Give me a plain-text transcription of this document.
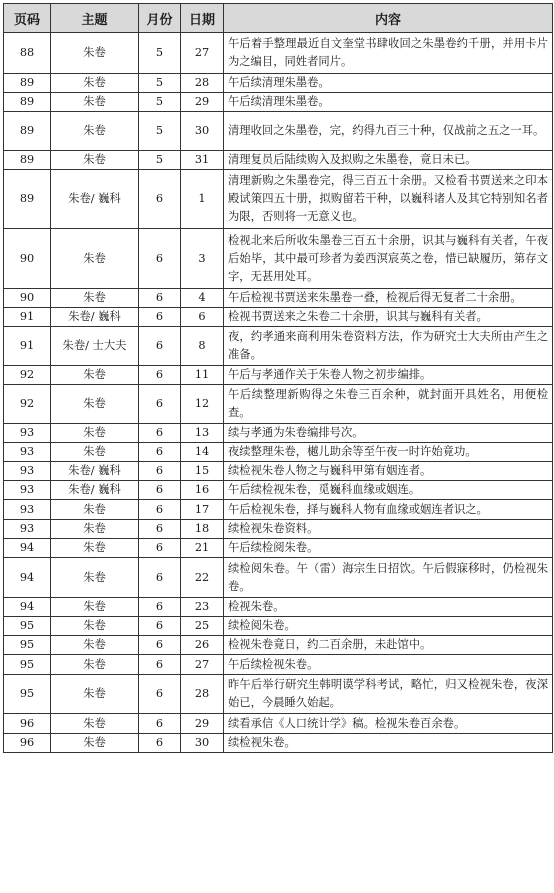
页码	主题	月份	日期	内容
88	朱卷	5	27	午后着手整理最近自文奎堂书肆收回之朱墨卷约千册，并用卡片为之编目，同姓者同片。
89	朱卷	5	28	午后续清理朱墨卷。
89	朱卷	5	29	午后续清理朱墨卷。
89	朱卷	5	30	清理收回之朱墨卷，完，约得九百三十种，仅战前之五之一耳。
89	朱卷	5	31	清理复员后陆续购入及拟购之朱墨卷，竟日未已。
89	朱卷/ 巍科	6	1	清理新购之朱墨卷完，得三百五十余册。又检看书贾送来之印本殿试策四五十册，拟购留若干种，以巍科诸人及其它特别知名者为限，否则将一无意义也。
90	朱卷	6	3	检视北来后所收朱墨卷三百五十余册，识其与巍科有关者，午夜后始毕，其中最可珍者为姜西溟宸英之卷，惜已缺履历，第存文字，无甚用处耳。
90	朱卷	6	4	午后检视书贾送来朱墨卷一叠，检视后得无复者二十余册。
91	朱卷/ 巍科	6	6	检视书贾送来之朱卷二十余册，识其与巍科有关者。
91	朱卷/ 士大夫	6	8	夜，约孝通来商利用朱卷资料方法，作为研究士大夫所由产生之准备。
92	朱卷	6	11	午后与孝通作关于朱卷人物之初步编排。
92	朱卷	6	12	午后续整理新购得之朱卷三百余种，就封面开具姓名，用便检查。
93	朱卷	6	13	续与孝通为朱卷编排号次。
93	朱卷	6	14	夜续整理朱卷，樾儿助余等至午夜一时许始竟功。
93	朱卷/ 巍科	6	15	续检视朱卷人物之与巍科甲第有姻连者。
93	朱卷/ 巍科	6	16	午后续检视朱卷，觅巍科血缘或姻连。
93	朱卷	6	17	午后检视朱卷，择与巍科人物有血缘或姻连者识之。
93	朱卷	6	18	续检视朱卷资料。
94	朱卷	6	21	午后续检阅朱卷。
94	朱卷	6	22	续检阅朱卷。午（雷）海宗生日招饮。午后假寐移时，仍检视朱卷。
94	朱卷	6	23	检视朱卷。
95	朱卷	6	25	续检阅朱卷。
95	朱卷	6	26	检视朱卷竟日，约二百余册，未赴馆中。
95	朱卷	6	27	午后续检视朱卷。
95	朱卷	6	28	昨午后举行研究生韩明谟学科考试，略忙，归又检视朱卷，夜深始已，今晨睡久始起。
96	朱卷	6	29	续看承信《人口统计学》稿。检视朱卷百余卷。
96	朱卷	6	30	续检视朱卷。
